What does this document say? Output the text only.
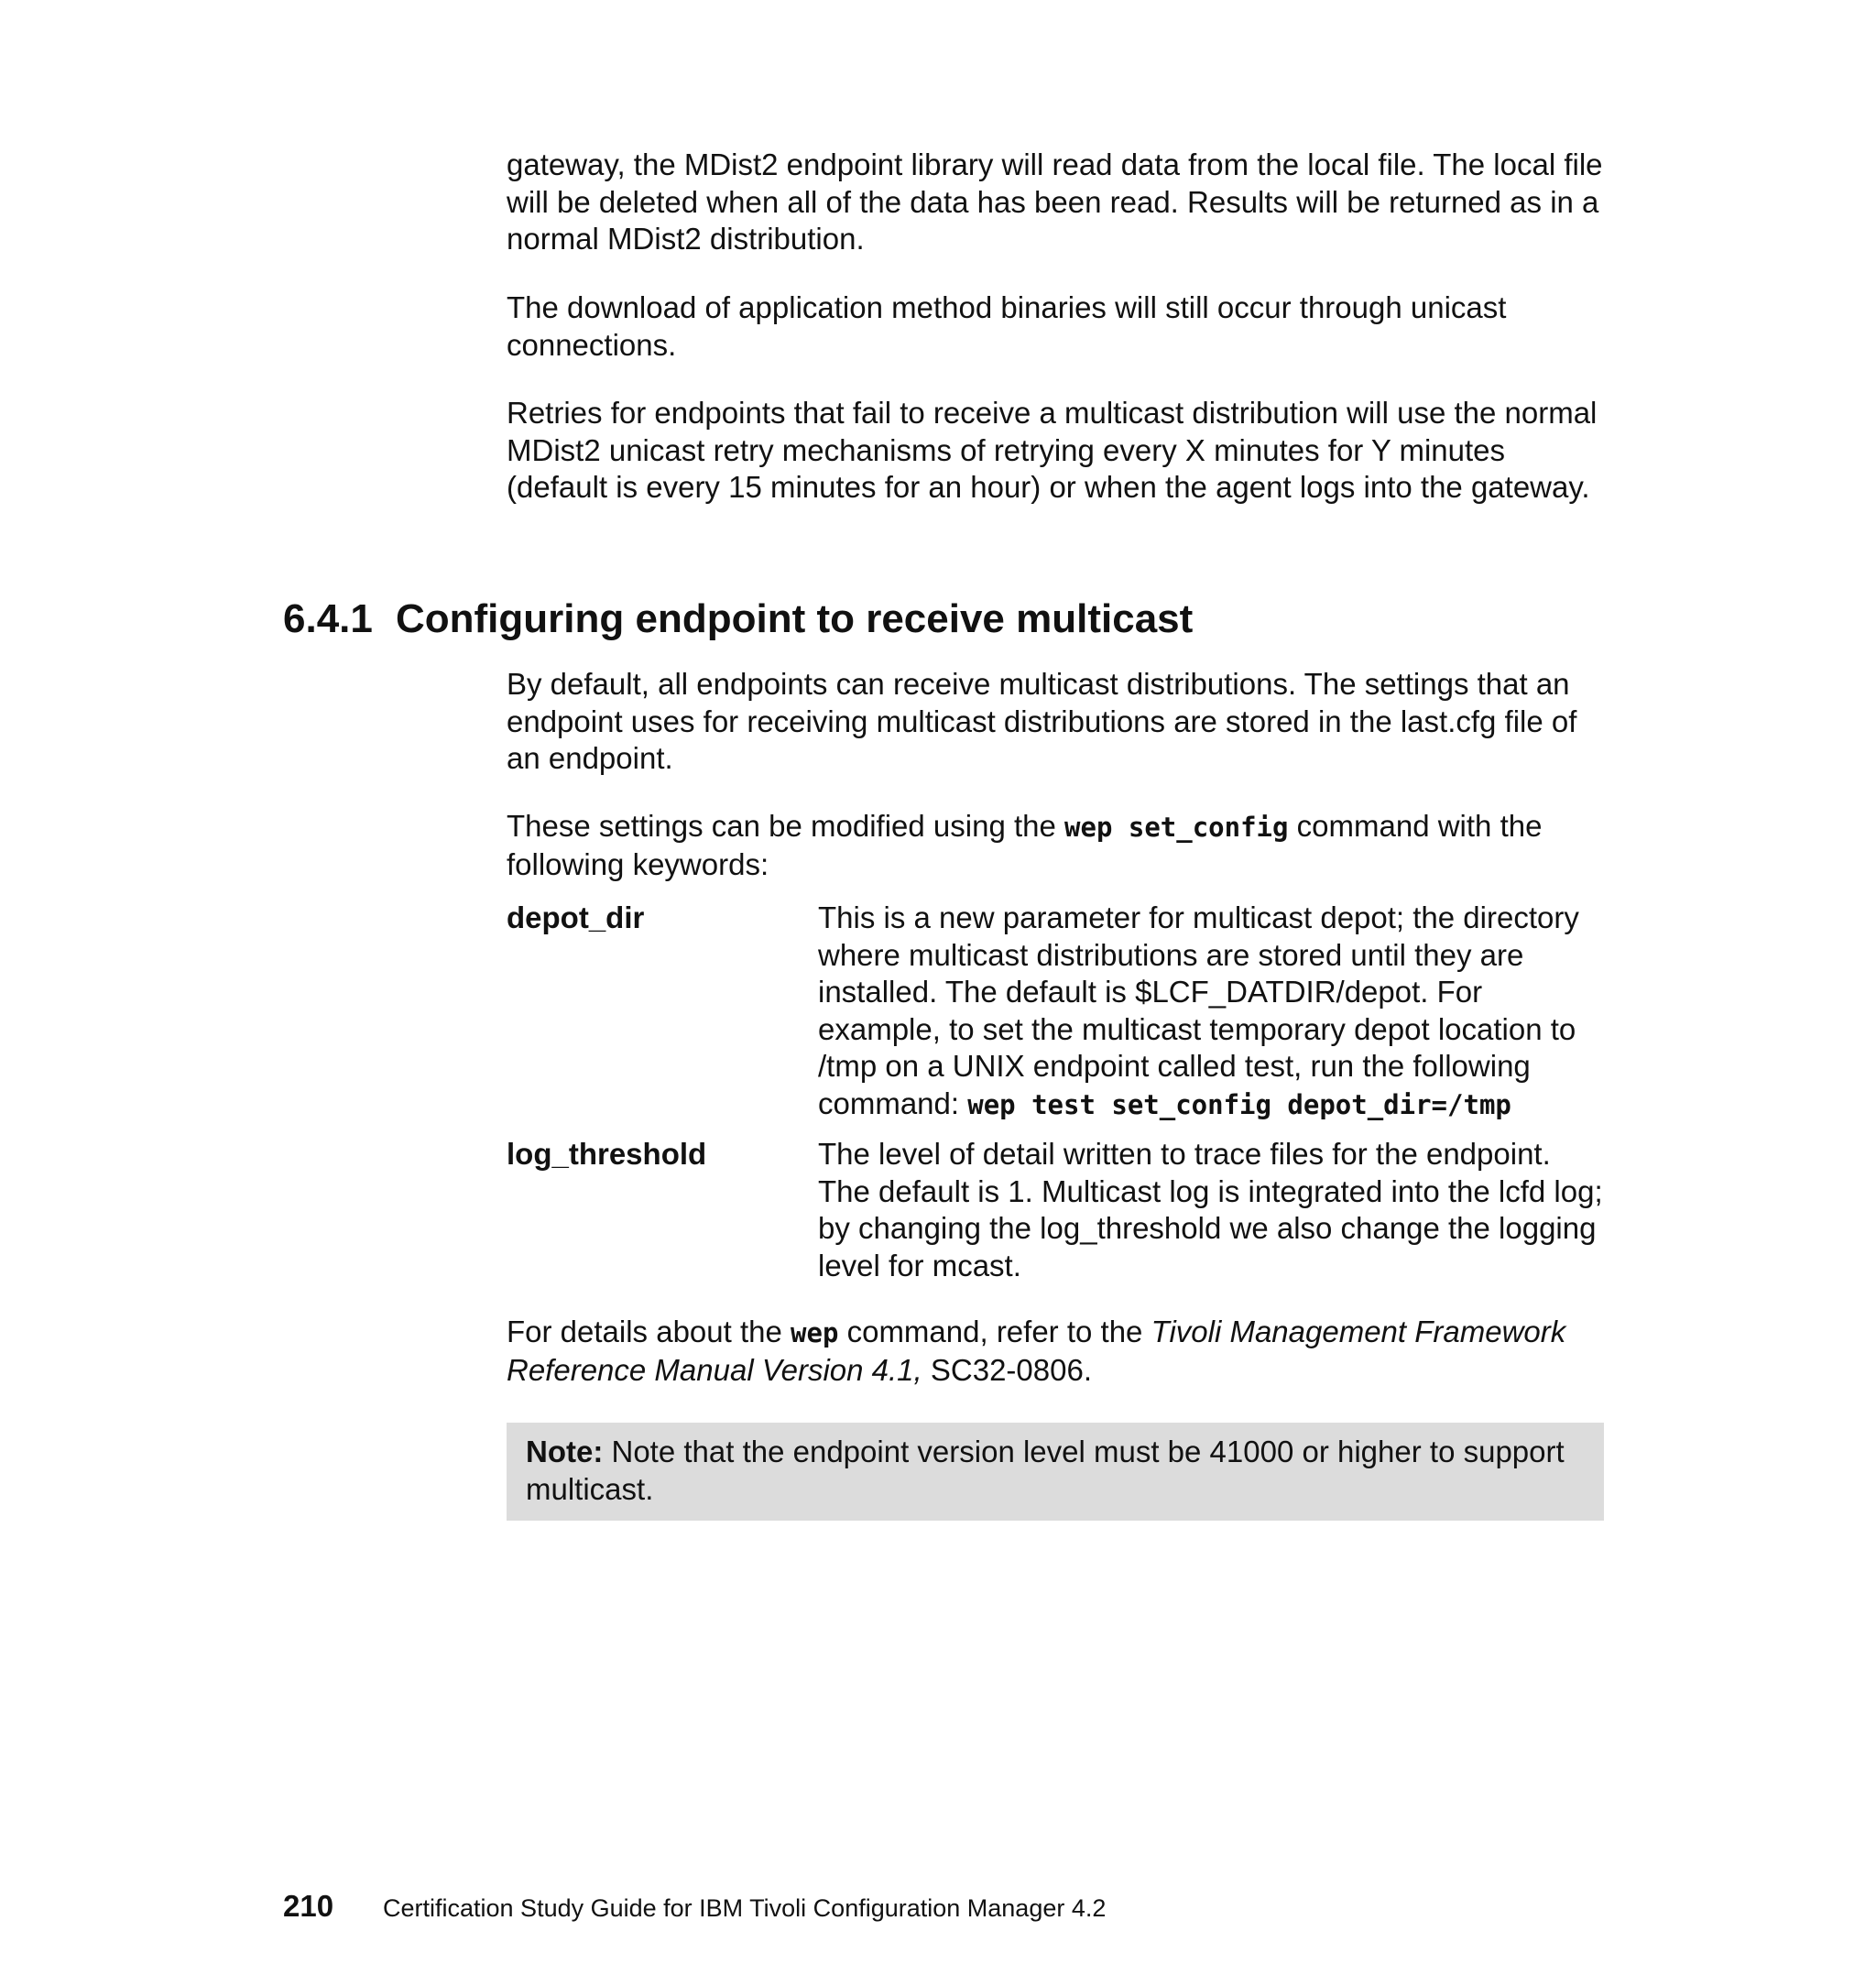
gateway, the MDist2 endpoint library will read data from the local file. The local file will be deleted when all of the data has been read. Results will be returned as in a normal MDist2 distribution.

The download of application method binaries will still occur through unicast connections.

Retries for endpoints that fail to receive a multicast distribution will use the normal MDist2 unicast retry mechanisms of retrying every X minutes for Y minutes (default is every 15 minutes for an hour) or when the agent logs into the gateway.

6.4.1 Configuring endpoint to receive multicast

By default, all endpoints can receive multicast distributions. The settings that an endpoint uses for receiving multicast distributions are stored in the last.cfg file of an endpoint.

These settings can be modified using the wep set_config command with the following keywords:

depot_dir	This is a new parameter for multicast depot; the directory where multicast distributions are stored until they are installed. The default is $LCF_DATDIR/depot. For example, to set the multicast temporary depot location to /tmp on a UNIX endpoint called test, run the following command: wep test set_config depot_dir=/tmp
log_threshold	The level of detail written to trace files for the endpoint. The default is 1. Multicast log is integrated into the lcfd log; by changing the log_threshold we also change the logging level for mcast.

For details about the wep command, refer to the Tivoli Management Framework Reference Manual Version 4.1, SC32-0806.

Note: Note that the endpoint version level must be 41000 or higher to support multicast.

210 Certification Study Guide for IBM Tivoli Configuration Manager 4.2
